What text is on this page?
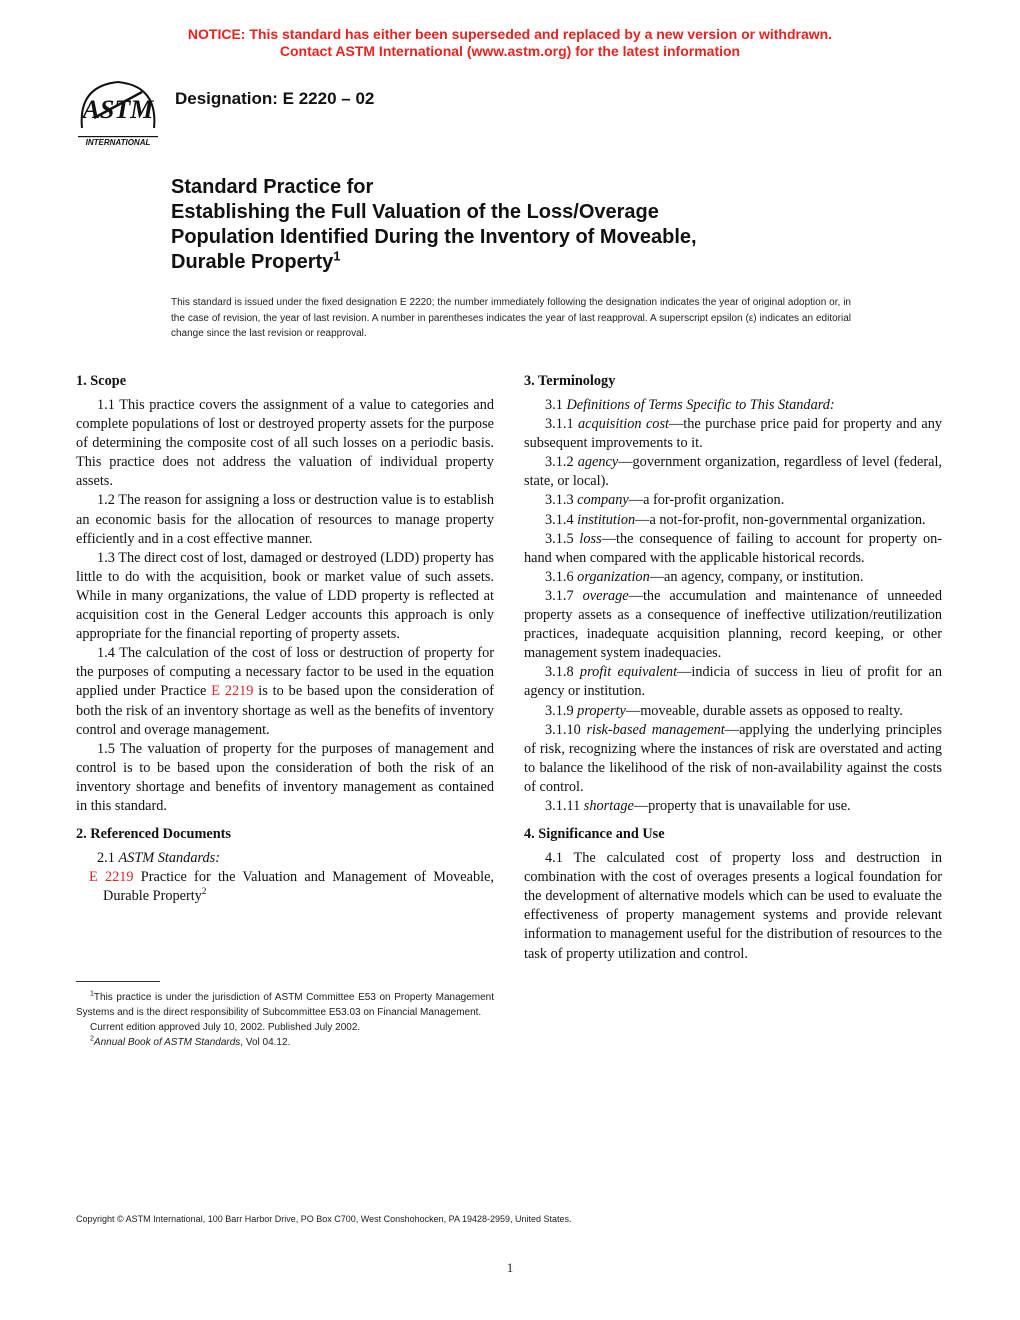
NOTICE: This standard has either been superseded and replaced by a new version or withdrawn.
Contact ASTM International (www.astm.org) for the latest information
ASTM
INTERNATIONAL
Designation: E 2220 – 02
Standard Practice for
Establishing the Full Valuation of the Loss/Overage
Population Identified During the Inventory of Moveable,
Durable Property$^1$
This standard is issued under the fixed designation E 2220; the number immediately following the designation indicates the year of original adoption or, in the case of revision, the year of last revision. A number in parentheses indicates the year of last reapproval. A superscript epsilon (ε) indicates an editorial change since the last revision or reapproval.
1. Scope

1.1 This practice covers the assignment of a value to categories and complete populations of lost or destroyed property assets for the purpose of determining the composite cost of all such losses on a periodic basis. This practice does not address the valuation of individual property assets.

1.2 The reason for assigning a loss or destruction value is to establish an economic basis for the allocation of resources to manage property efficiently and in a cost effective manner.

1.3 The direct cost of lost, damaged or destroyed (LDD) property has little to do with the acquisition, book or market value of such assets. While in many organizations, the value of LDD property is reflected at acquisition cost in the General Ledger accounts this approach is only appropriate for the financial reporting of property assets.

1.4 The calculation of the cost of loss or destruction of property for the purposes of computing a necessary factor to be used in the equation applied under Practice E 2219 is to be based upon the consideration of both the risk of an inventory shortage as well as the benefits of inventory control and overage management.

1.5 The valuation of property for the purposes of management and control is to be based upon the consideration of both the risk of an inventory shortage and benefits of inventory management as contained in this standard.

2. Referenced Documents

2.1 ASTM Standards:

E 2219 Practice for the Valuation and Management of Moveable, Durable Property$^2$

$^1$This practice is under the jurisdiction of ASTM Committee E53 on Property Management Systems and is the direct responsibility of Subcommittee E53.03 on Financial Management.

Current edition approved July 10, 2002. Published July 2002.

$^2$Annual Book of ASTM Standards, Vol 04.12.

3. Terminology

3.1 Definitions of Terms Specific to This Standard:

3.1.1 acquisition cost—the purchase price paid for property and any subsequent improvements to it.

3.1.2 agency—government organization, regardless of level (federal, state, or local).

3.1.3 company—a for-profit organization.

3.1.4 institution—a not-for-profit, non-governmental organization.

3.1.5 loss—the consequence of failing to account for property on-hand when compared with the applicable historical records.

3.1.6 organization—an agency, company, or institution.

3.1.7 overage—the accumulation and maintenance of unneeded property assets as a consequence of ineffective utilization/reutilization practices, inadequate acquisition planning, record keeping, or other management system inadequacies.

3.1.8 profit equivalent—indicia of success in lieu of profit for an agency or institution.

3.1.9 property—moveable, durable assets as opposed to realty.

3.1.10 risk-based management—applying the underlying principles of risk, recognizing where the instances of risk are overstated and acting to balance the likelihood of the risk of non-availability against the costs of control.

3.1.11 shortage—property that is unavailable for use.

4. Significance and Use

4.1 The calculated cost of property loss and destruction in combination with the cost of overages presents a logical foundation for the development of alternative models which can be used to evaluate the effectiveness of property management systems and provide relevant information to management useful for the distribution of resources to the task of property utilization and control.

Copyright © ASTM International, 100 Barr Harbor Drive, PO Box C700, West Conshohocken, PA 19428-2959, United States.
1
